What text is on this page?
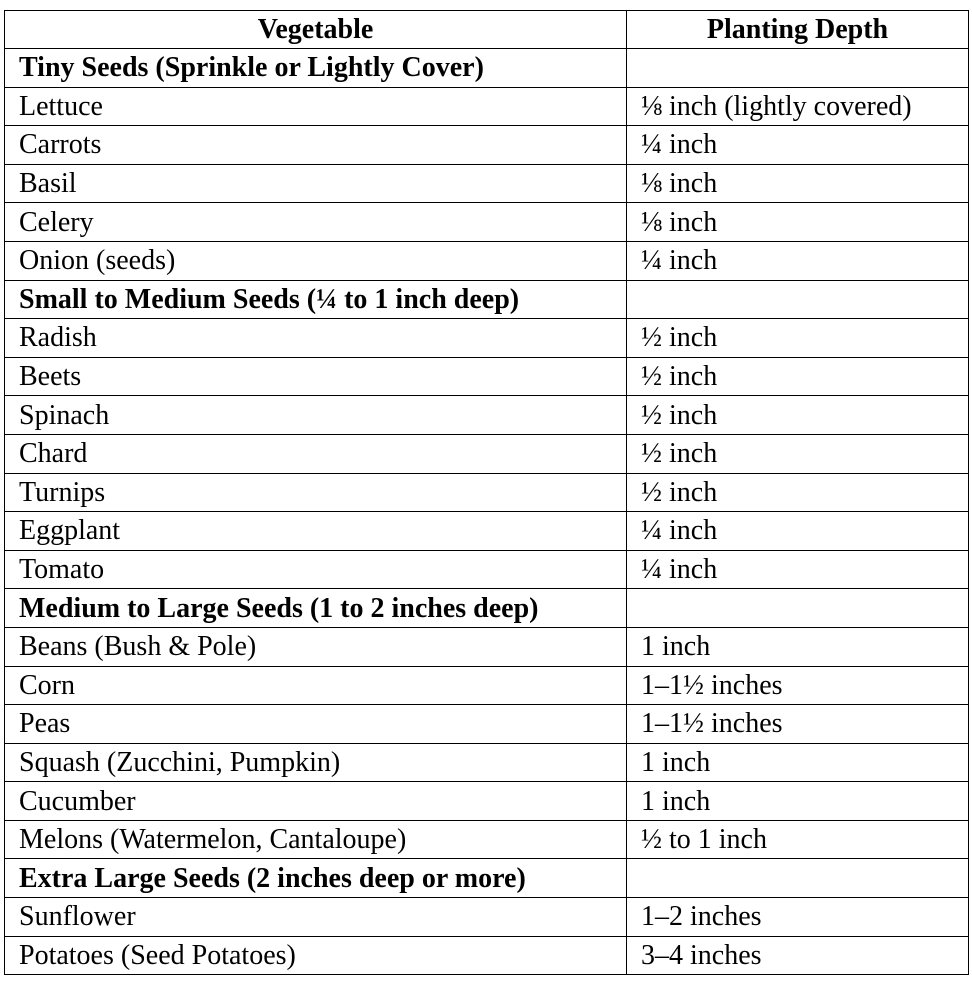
Vegetable	Planting Depth
Tiny Seeds (Sprinkle or Lightly Cover)	
Lettuce	⅛ inch (lightly covered)
Carrots	¼ inch
Basil	⅛ inch
Celery	⅛ inch
Onion (seeds)	¼ inch
Small to Medium Seeds (¼ to 1 inch deep)	
Radish	½ inch
Beets	½ inch
Spinach	½ inch
Chard	½ inch
Turnips	½ inch
Eggplant	¼ inch
Tomato	¼ inch
Medium to Large Seeds (1 to 2 inches deep)	
Beans (Bush & Pole)	1 inch
Corn	1–1½ inches
Peas	1–1½ inches
Squash (Zucchini, Pumpkin)	1 inch
Cucumber	1 inch
Melons (Watermelon, Cantaloupe)	½ to 1 inch
Extra Large Seeds (2 inches deep or more)	
Sunflower	1–2 inches
Potatoes (Seed Potatoes)	3–4 inches
